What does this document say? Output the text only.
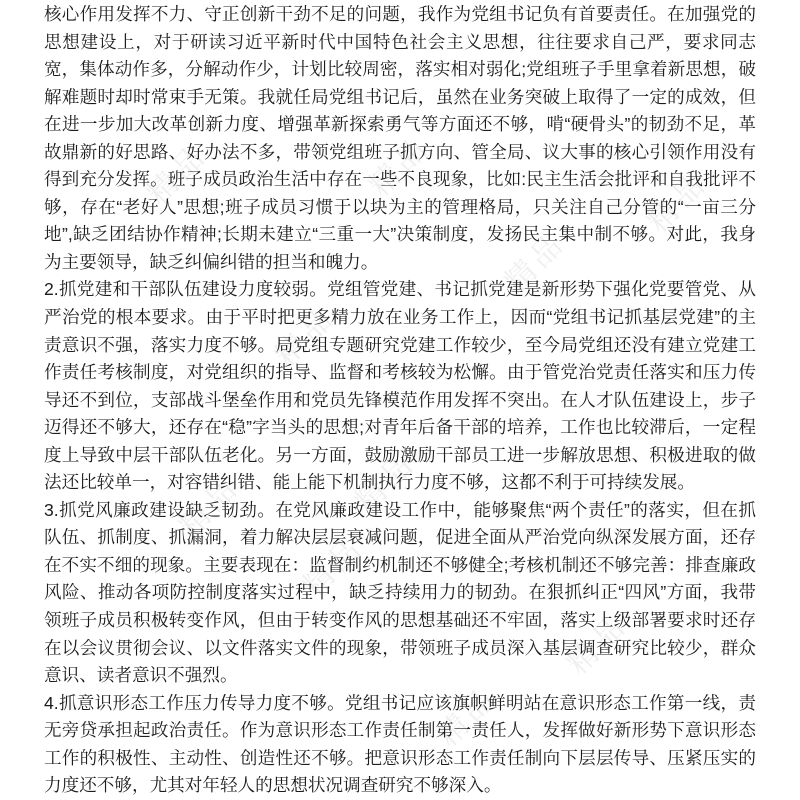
精品	精品	精品
精品
精品
精品	精品
精品
精品
精品

核心作用发挥不力、守正创新干劲不足的问题，我作为党组书记负有首要责任。在加强党的思想建设上，对于研读习近平新时代中国特色社会主义思想，往往要求自己严，要求同志宽，集体动作多，分解动作少，计划比较周密，落实相对弱化;党组班子手里拿着新思想，破解难题时却时常束手无策。我就任局党组书记后，虽然在业务突破上取得了一定的成效，但在进一步加大改革创新力度、增强革新探索勇气等方面还不够，啃“硬骨头”的韧劲不足，革故鼎新的好思路、好办法不多，带领党组班子抓方向、管全局、议大事的核心引领作用没有得到充分发挥。班子成员政治生活中存在一些不良现象，比如:民主生活会批评和自我批评不够，存在“老好人”思想;班子成员习惯于以块为主的管理格局，只关注自己分管的“一亩三分地”,缺乏团结协作精神;长期未建立“三重一大”决策制度，发扬民主集中制不够。对此，我身为主要领导，缺乏纠偏纠错的担当和魄力。

2.抓党建和干部队伍建设力度较弱。党组管党建、书记抓党建是新形势下强化党要管党、从严治党的根本要求。由于平时把更多精力放在业务工作上，因而“党组书记抓基层党建”的主责意识不强，落实力度不够。局党组专题研究党建工作较少，至今局党组还没有建立党建工作责任考核制度，对党组织的指导、监督和考核较为松懈。由于管党治党责任落实和压力传导还不到位，支部战斗堡垒作用和党员先锋模范作用发挥不突出。在人才队伍建设上，步子迈得还不够大，还存在“稳”字当头的思想;对青年后备干部的培养，工作也比较滞后，一定程度上导致中层干部队伍老化。另一方面，鼓励激励干部员工进一步解放思想、积极进取的做法还比较单一，对容错纠错、能上能下机制执行力度不够，这都不利于可持续发展。

3.抓党风廉政建设缺乏韧劲。在党风廉政建设工作中，能够聚焦“两个责任”的落实，但在抓队伍、抓制度、抓漏洞，着力解决层层衰减问题，促进全面从严治党向纵深发展方面，还存在不实不细的现象。主要表现在：监督制约机制还不够健全;考核机制还不够完善：排查廉政风险、推动各项防控制度落实过程中，缺乏持续用力的韧劲。在狠抓纠正“四风”方面，我带领班子成员积极转变作风，但由于转变作风的思想基础还不牢固，落实上级部署要求时还存在以会议贯彻会议、以文件落实文件的现象，带领班子成员深入基层调查研究比较少，群众意识、读者意识不强烈。

4.抓意识形态工作压力传导力度不够。党组书记应该旗帜鲜明站在意识形态工作第一线，责无旁贷承担起政治责任。作为意识形态工作责任制第一责任人，发挥做好新形势下意识形态工作的积极性、主动性、创造性还不够。把意识形态工作责任制向下层层传导、压紧压实的力度还不够，尤其对年轻人的思想状况调查研究不够深入。
